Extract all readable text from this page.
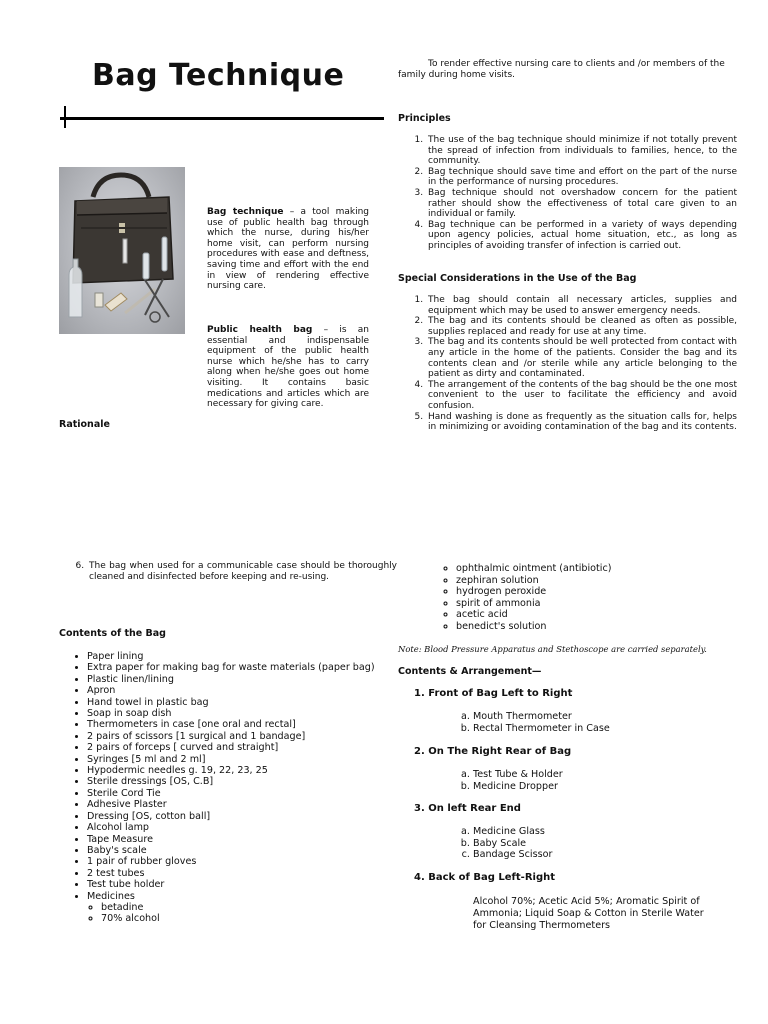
Bag Technique
Bag technique – a tool making use of public health bag through which the nurse, during his/her home visit, can perform nursing procedures with ease and deftness, saving time and effort with the end in view of rendering effective nursing care.
Public health bag – is an essential and indispensable equipment of the public health nurse which he/she has to carry along when he/she goes out home visiting. It contains basic medications and articles which are necessary for giving care.
Rationale
To render effective nursing care to clients and /or members of the family during home visits.
Principles
1. The use of the bag technique should minimize if not totally prevent the spread of infection from individuals to families, hence, to the community.
2. Bag technique should save time and effort on the part of the nurse in the performance of nursing procedures.
3. Bag technique should not overshadow concern for the patient rather should show the effectiveness of total care given to an individual or family.
4. Bag technique can be performed in a variety of ways depending upon agency policies, actual home situation, etc., as long as principles of avoiding transfer of infection is carried out.
Special Considerations in the Use of the Bag
1. The bag should contain all necessary articles, supplies and equipment which may be used to answer emergency needs.
2. The bag and its contents should be cleaned as often as possible, supplies replaced and ready for use at any time.
3. The bag and its contents should be well protected from contact with any article in the home of the patients. Consider the bag and its contents clean and /or sterile while any article belonging to the patient as dirty and contaminated.
4. The arrangement of the contents of the bag should be the one most convenient to the user to facilitate the efficiency and avoid confusion.
5. Hand washing is done as frequently as the situation calls for, helps in minimizing or avoiding contamination of the bag and its contents.
6. The bag when used for a communicable case should be thoroughly cleaned and disinfected before keeping and re-using.
Contents of the Bag
• Paper lining
• Extra paper for making bag for waste materials (paper bag)
• Plastic linen/lining
• Apron
• Hand towel in plastic bag
• Soap in soap dish
• Thermometers in case [one oral and rectal]
• 2 pairs of scissors [1 surgical and 1 bandage]
• 2 pairs of forceps [ curved and straight]
• Syringes [5 ml and 2 ml]
• Hypodermic needles g. 19, 22, 23, 25
• Sterile dressings [OS, C.B]
• Sterile Cord Tie
• Adhesive Plaster
• Dressing [OS, cotton ball]
• Alcohol lamp
• Tape Measure
• Baby's scale
• 1 pair of rubber gloves
• 2 test tubes
• Test tube holder
• Medicines
◦ betadine
◦ 70% alcohol
◦ ophthalmic ointment (antibiotic)
◦ zephiran solution
◦ hydrogen peroxide
◦ spirit of ammonia
◦ acetic acid
◦ benedict's solution
Note: Blood Pressure Apparatus and Stethoscope are carried separately.
Contents & Arrangement—
1. Front of Bag Left to Right
a. Mouth Thermometer
b. Rectal Thermometer in Case
2. On The Right Rear of Bag
a. Test Tube & Holder
b. Medicine Dropper
3. On left Rear End
a. Medicine Glass
b. Baby Scale
c. Bandage Scissor
4. Back of Bag Left-Right
Alcohol 70%; Acetic Acid 5%; Aromatic Spirit of Ammonia; Liquid Soap & Cotton in Sterile Water for Cleansing Thermometers
